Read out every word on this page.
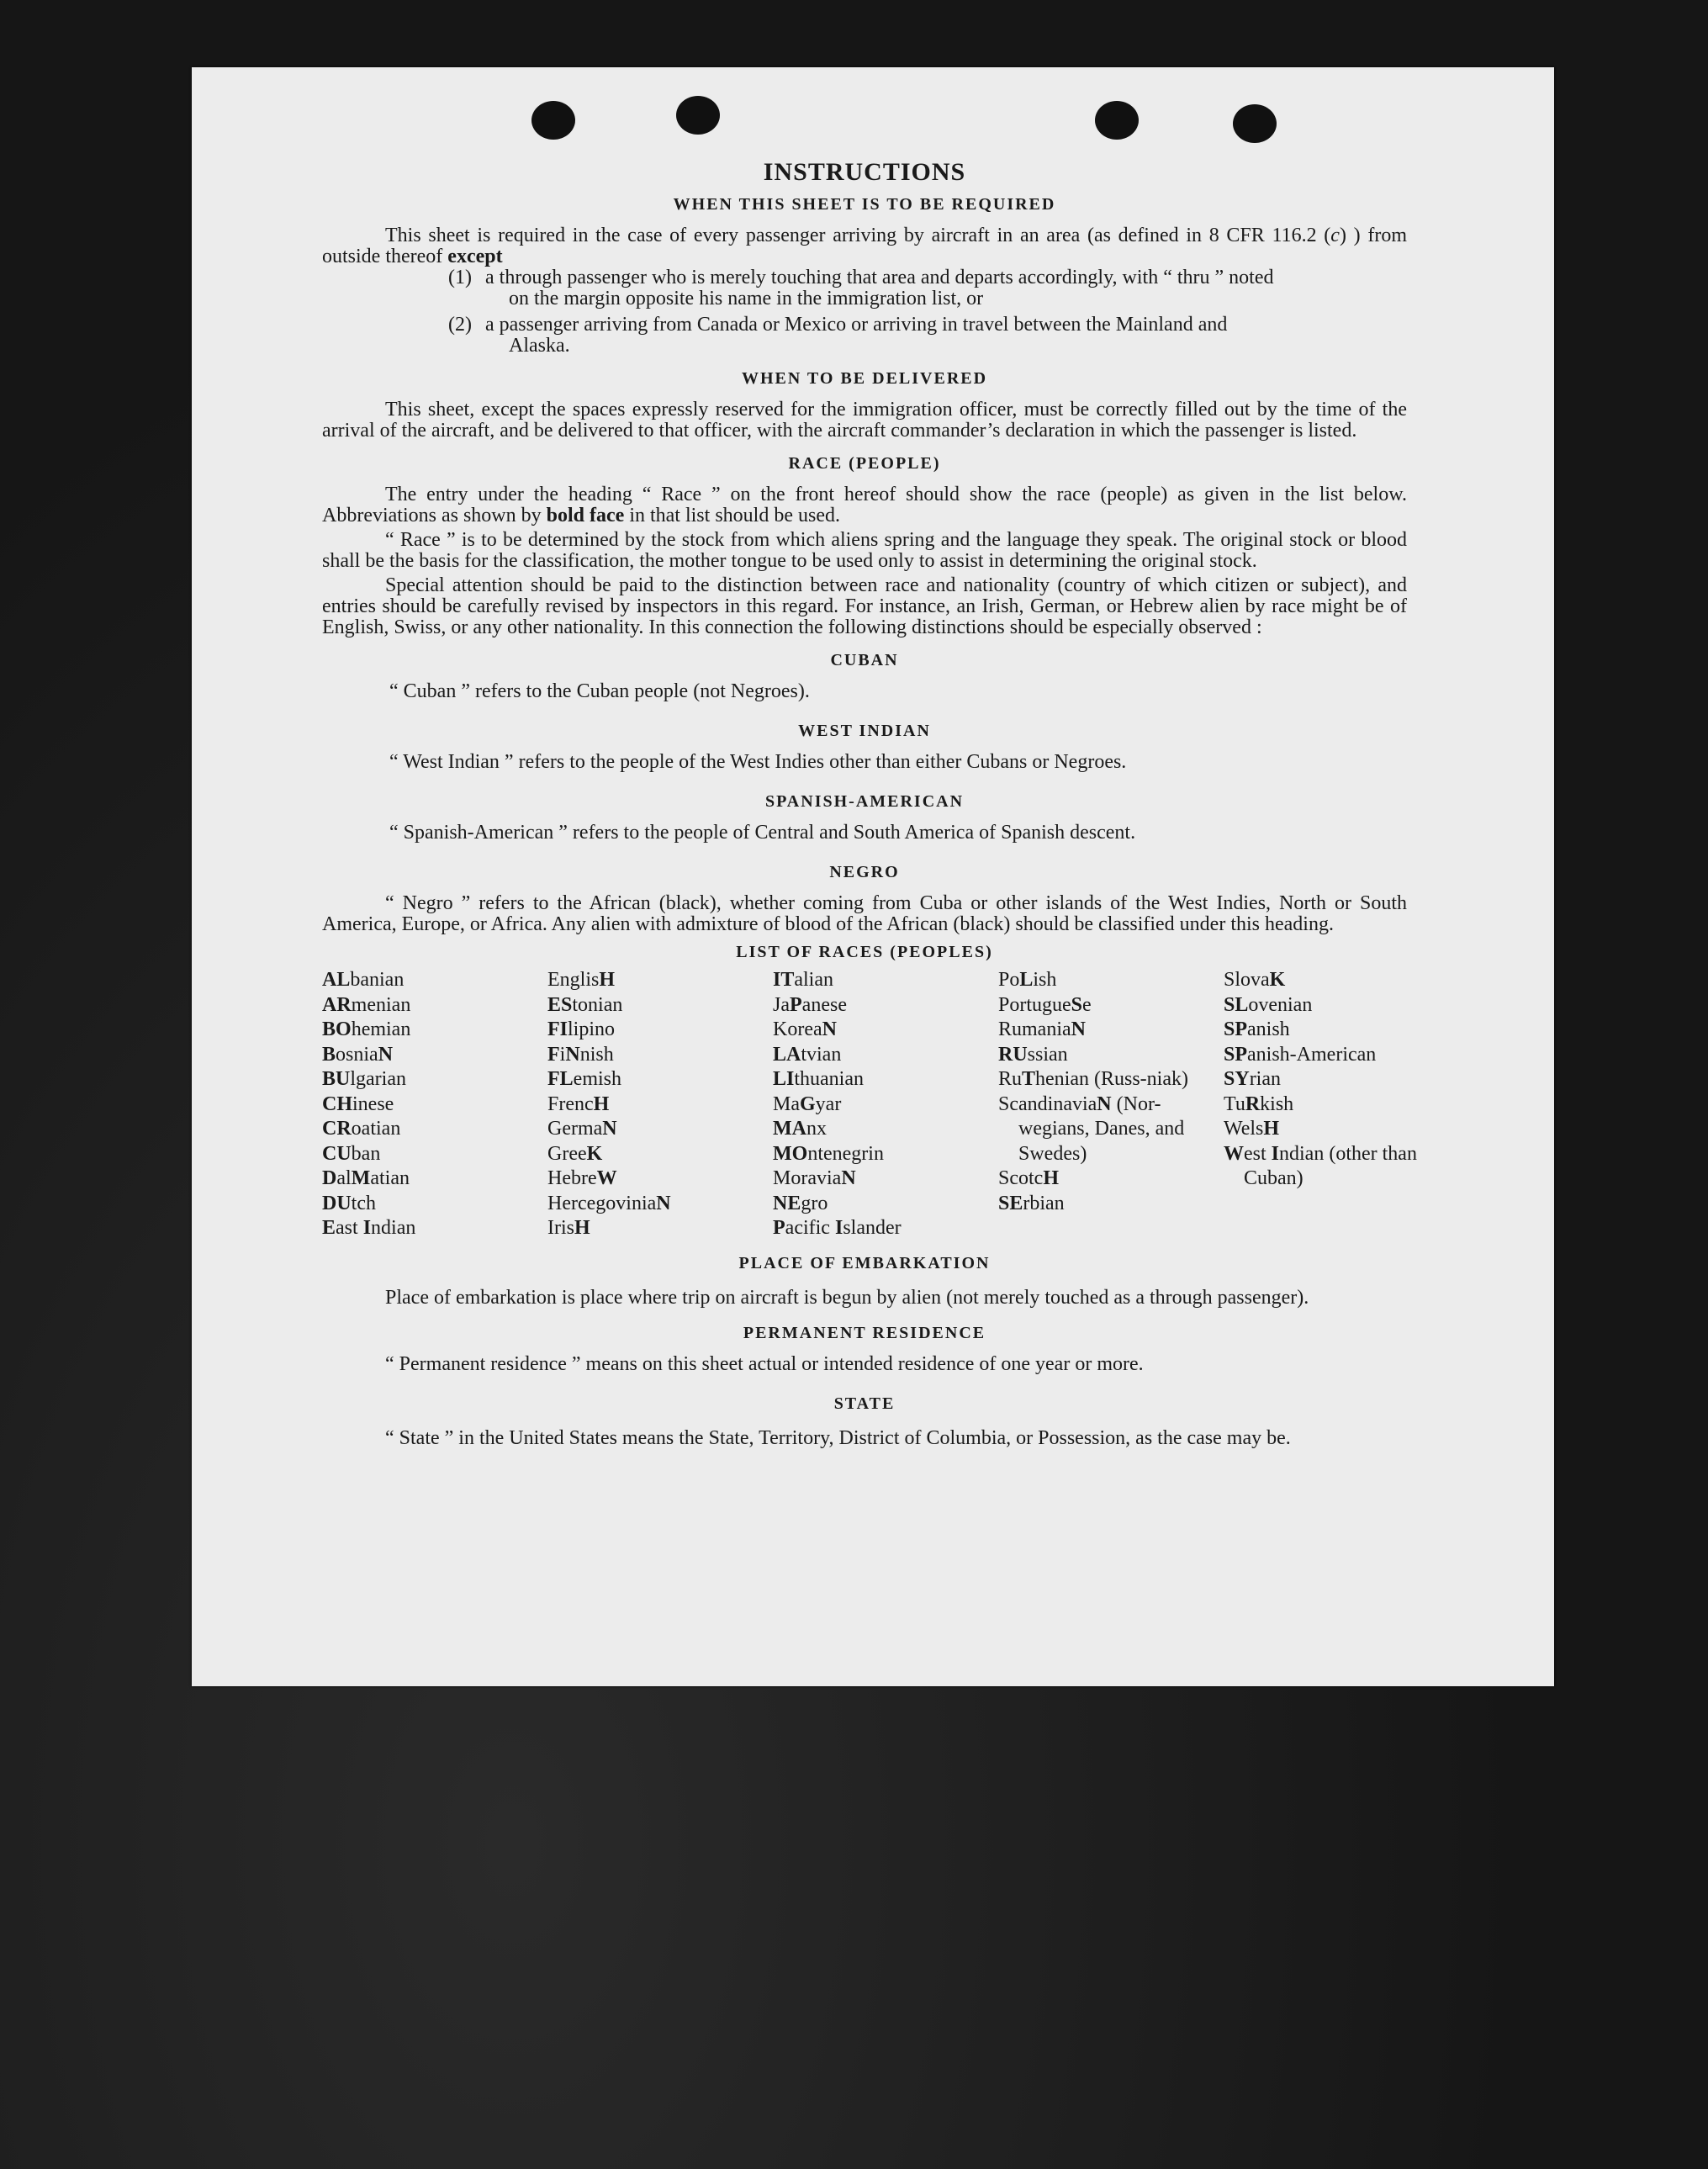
INSTRUCTIONS
WHEN THIS SHEET IS TO BE REQUIRED

This sheet is required in the case of every passenger arriving by aircraft in an area (as defined in 8 CFR 116.2 (c) ) from outside thereof except

(1) a through passenger who is merely touching that area and departs accordingly, with “ thru ” noted
on the margin opposite his name in the immigration list, or
(2) a passenger arriving from Canada or Mexico or arriving in travel between the Mainland and
Alaska.
WHEN TO BE DELIVERED

This sheet, except the spaces expressly reserved for the immigration officer, must be correctly filled out by the time of the arrival of the aircraft, and be delivered to that officer, with the aircraft commander’s declaration in which the passenger is listed.

RACE (PEOPLE)

The entry under the heading “ Race ” on the front hereof should show the race (people) as given in the list below. Abbreviations as shown by bold face in that list should be used.

“ Race ” is to be determined by the stock from which aliens spring and the language they speak. The original stock or blood shall be the basis for the classification, the mother tongue to be used only to assist in determining the original stock.

Special attention should be paid to the distinction between race and nationality (country of which citizen or subject), and entries should be carefully revised by inspectors in this regard. For instance, an Irish, German, or Hebrew alien by race might be of English, Swiss, or any other nationality. In this connection the following distinctions should be especially observed :

CUBAN

“ Cuban ” refers to the Cuban people (not Negroes).

WEST INDIAN

“ West Indian ” refers to the people of the West Indies other than either Cubans or Negroes.

SPANISH-AMERICAN

“ Spanish-American ” refers to the people of Central and South America of Spanish descent.

NEGRO

“ Negro ” refers to the African (black), whether coming from Cuba or other islands of the West Indies, North or South America, Europe, or Africa. Any alien with admixture of blood of the African (black) should be classified under this heading.

LIST OF RACES (PEOPLES)
ALbanian
ARmenian
BOhemian
BosniaN
BUlgarian
CHinese
CRoatian
CUban
DalMatian
DUtch
East Indian
EnglisH
EStonian
FIlipino
FiNnish
FLemish
FrencH
GermaN
GreeK
HebreW
HercegoviniaN
IrisH
ITalian
JaPanese
KoreaN
LAtvian
LIthuanian
MaGyar
MAnx
MOntenegrin
MoraviaN
NEgro
Pacific Islander
PoLish
PortugueSe
RumaniaN
RUssian
RuThenian (Russ-niak)
ScandinaviaN (Nor-wegians, Danes, and Swedes)
ScotcH
SErbian
SlovaK
SLovenian
SPanish
SPanish-American
SYrian
TuRkish
WelsH
West Indian (other than Cuban)
PLACE OF EMBARKATION

Place of embarkation is place where trip on aircraft is begun by alien (not merely touched as a through passenger).

PERMANENT RESIDENCE

“ Permanent residence ” means on this sheet actual or intended residence of one year or more.

STATE

“ State ” in the United States means the State, Territory, District of Columbia, or Possession, as the case may be.
